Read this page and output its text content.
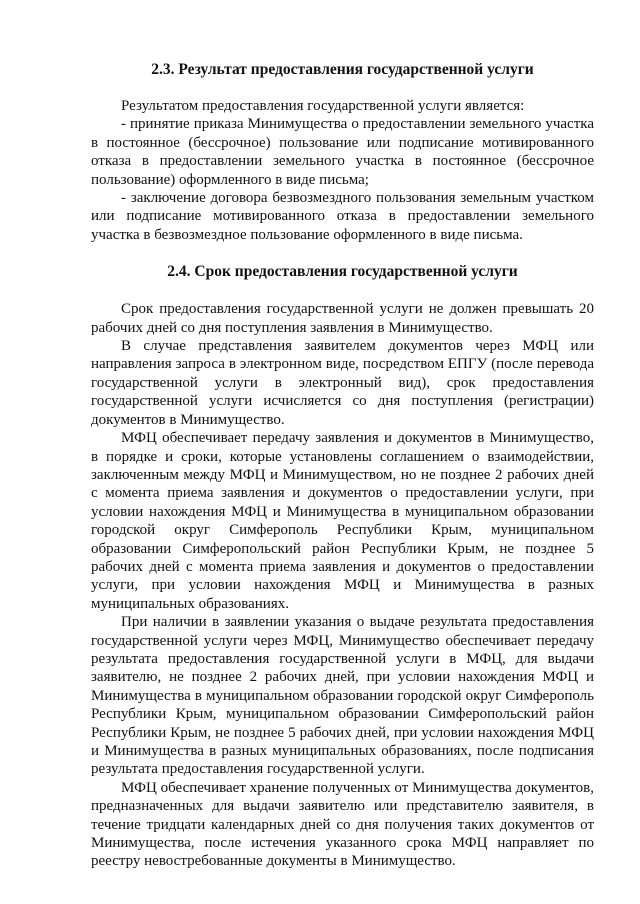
2.3. Результат предоставления государственной услуги

Результатом предоставления государственной услуги является:

- принятие приказа Минимущества о предоставлении земельного участка в постоянное (бессрочное) пользование или подписание мотивированного отказа в предоставлении земельного участка в постоянное (бессрочное пользование) оформленного в виде письма;

- заключение договора безвозмездного пользования земельным участком или подписание мотивированного отказа в предоставлении земельного участка в безвозмездное пользование оформленного в виде письма.

2.4. Срок предоставления государственной услуги

Срок предоставления государственной услуги не должен превышать 20 рабочих дней со дня поступления заявления в Минимущество.

В случае представления заявителем документов через МФЦ или направления запроса в электронном виде, посредством ЕПГУ (после перевода государственной услуги в электронный вид), срок предоставления государственной услуги исчисляется со дня поступления (регистрации) документов в Минимущество.

МФЦ обеспечивает передачу заявления и документов в Минимущество, в порядке и сроки, которые установлены соглашением о взаимодействии, заключенным между МФЦ и Минимуществом, но не позднее 2 рабочих дней с момента приема заявления и документов о предоставлении услуги, при условии нахождения МФЦ и Минимущества в муниципальном образовании городской округ Симферополь Республики Крым, муниципальном образовании Симферопольский район Республики Крым, не позднее 5 рабочих дней с момента приема заявления и документов о предоставлении услуги, при условии нахождения МФЦ и Минимущества в разных муниципальных образованиях.

При наличии в заявлении указания о выдаче результата предоставления государственной услуги через МФЦ, Минимущество обеспечивает передачу результата предоставления государственной услуги в МФЦ, для выдачи заявителю, не позднее 2 рабочих дней, при условии нахождения МФЦ и Минимущества в муниципальном образовании городской округ Симферополь Республики Крым, муниципальном образовании Симферопольский район Республики Крым, не позднее 5 рабочих дней, при условии нахождения МФЦ и Минимущества в разных муниципальных образованиях, после подписания результата предоставления государственной услуги.

МФЦ обеспечивает хранение полученных от Минимущества документов, предназначенных для выдачи заявителю или представителю заявителя, в течение тридцати календарных дней со дня получения таких документов от Минимущества, после истечения указанного срока МФЦ направляет по реестру невостребованные документы в Минимущество.
